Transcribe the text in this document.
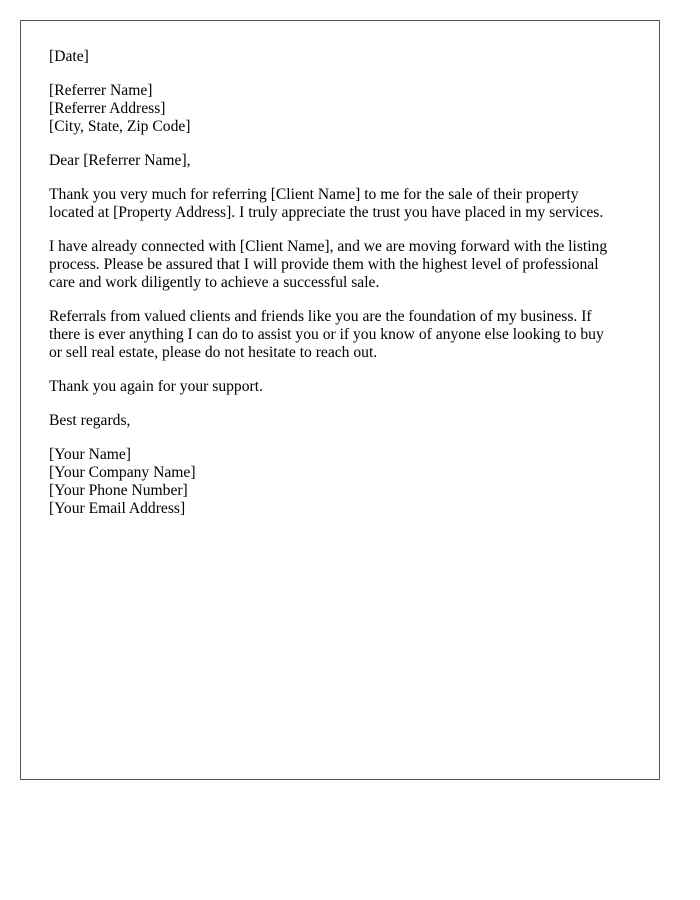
[Date]
[Referrer Name]
[Referrer Address]
[City, State, Zip Code]
Dear [Referrer Name],
Thank you very much for referring [Client Name] to me for the sale of their property
located at [Property Address]. I truly appreciate the trust you have placed in my services.
I have already connected with [Client Name], and we are moving forward with the listing
process. Please be assured that I will provide them with the highest level of professional
care and work diligently to achieve a successful sale.
Referrals from valued clients and friends like you are the foundation of my business. If
there is ever anything I can do to assist you or if you know of anyone else looking to buy
or sell real estate, please do not hesitate to reach out.
Thank you again for your support.
Best regards,
[Your Name]
[Your Company Name]
[Your Phone Number]
[Your Email Address]
